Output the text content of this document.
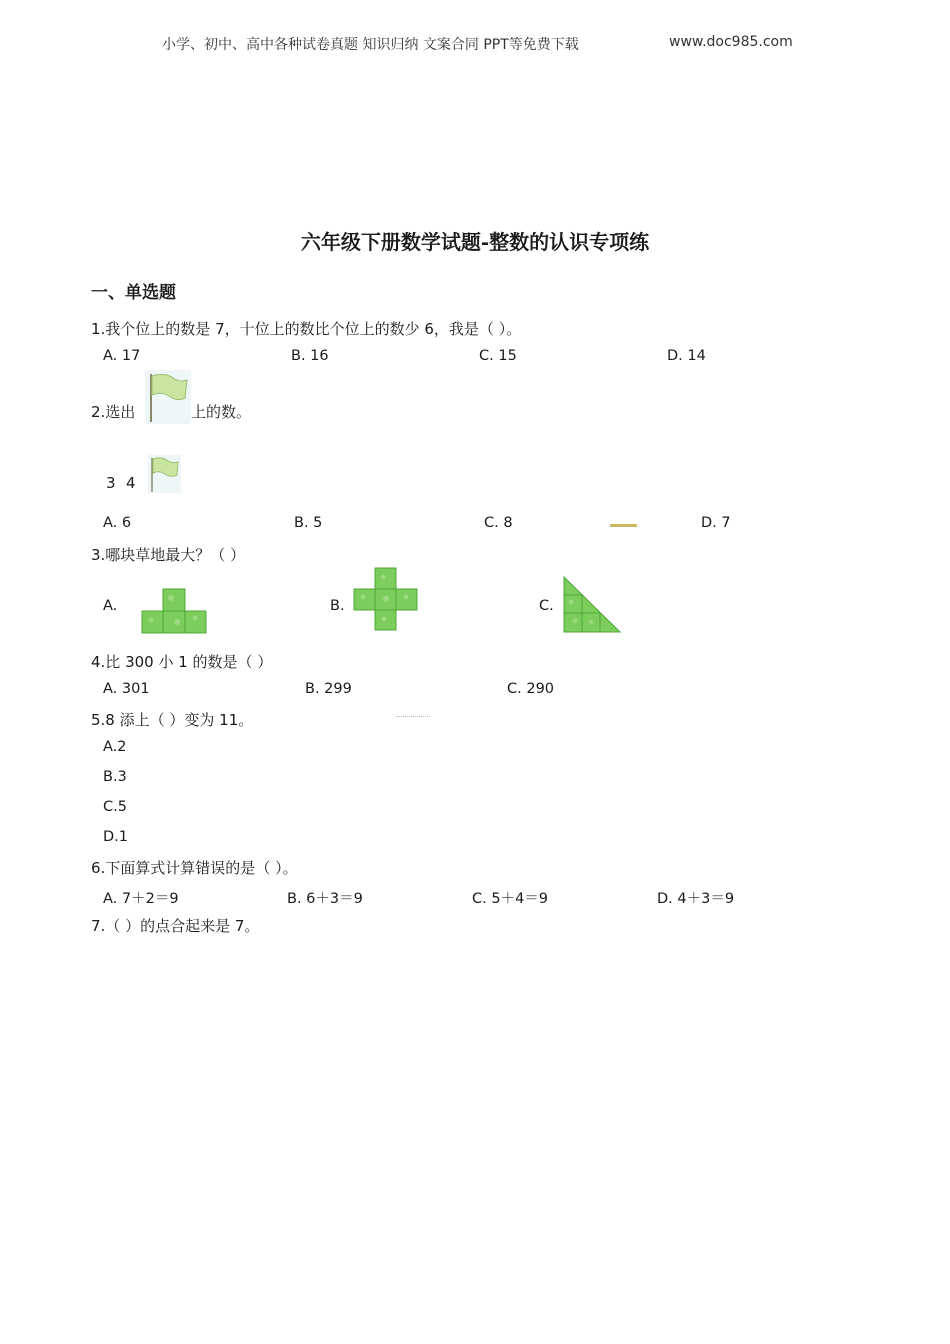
小学、初中、高中各种试卷真题 知识归纳 文案合同 PPT等免费下载	www.doc985.com
六年级下册数学试题-整数的认识专项练
一、单选题
1.我个位上的数是 7，十位上的数比个位上的数少 6，我是（ ）。
A. 17	B. 16	C. 15	D. 14
2.选出	上的数。
3 4
A. 6	B. 5	C. 8	D. 7
3.哪块草地最大？（ ）
A.	B.	C.
4.比 300 小 1 的数是（ ）
A. 301	B. 299	C. 290
5.8 添上（ ）变为 11。
A.2
B.3
C.5
D.1
6.下面算式计算错误的是（ ）。
A. 7＋2＝9	B. 6＋3＝9	C. 5＋4＝9	D. 4＋3＝9
7.（ ）的点合起来是 7。
